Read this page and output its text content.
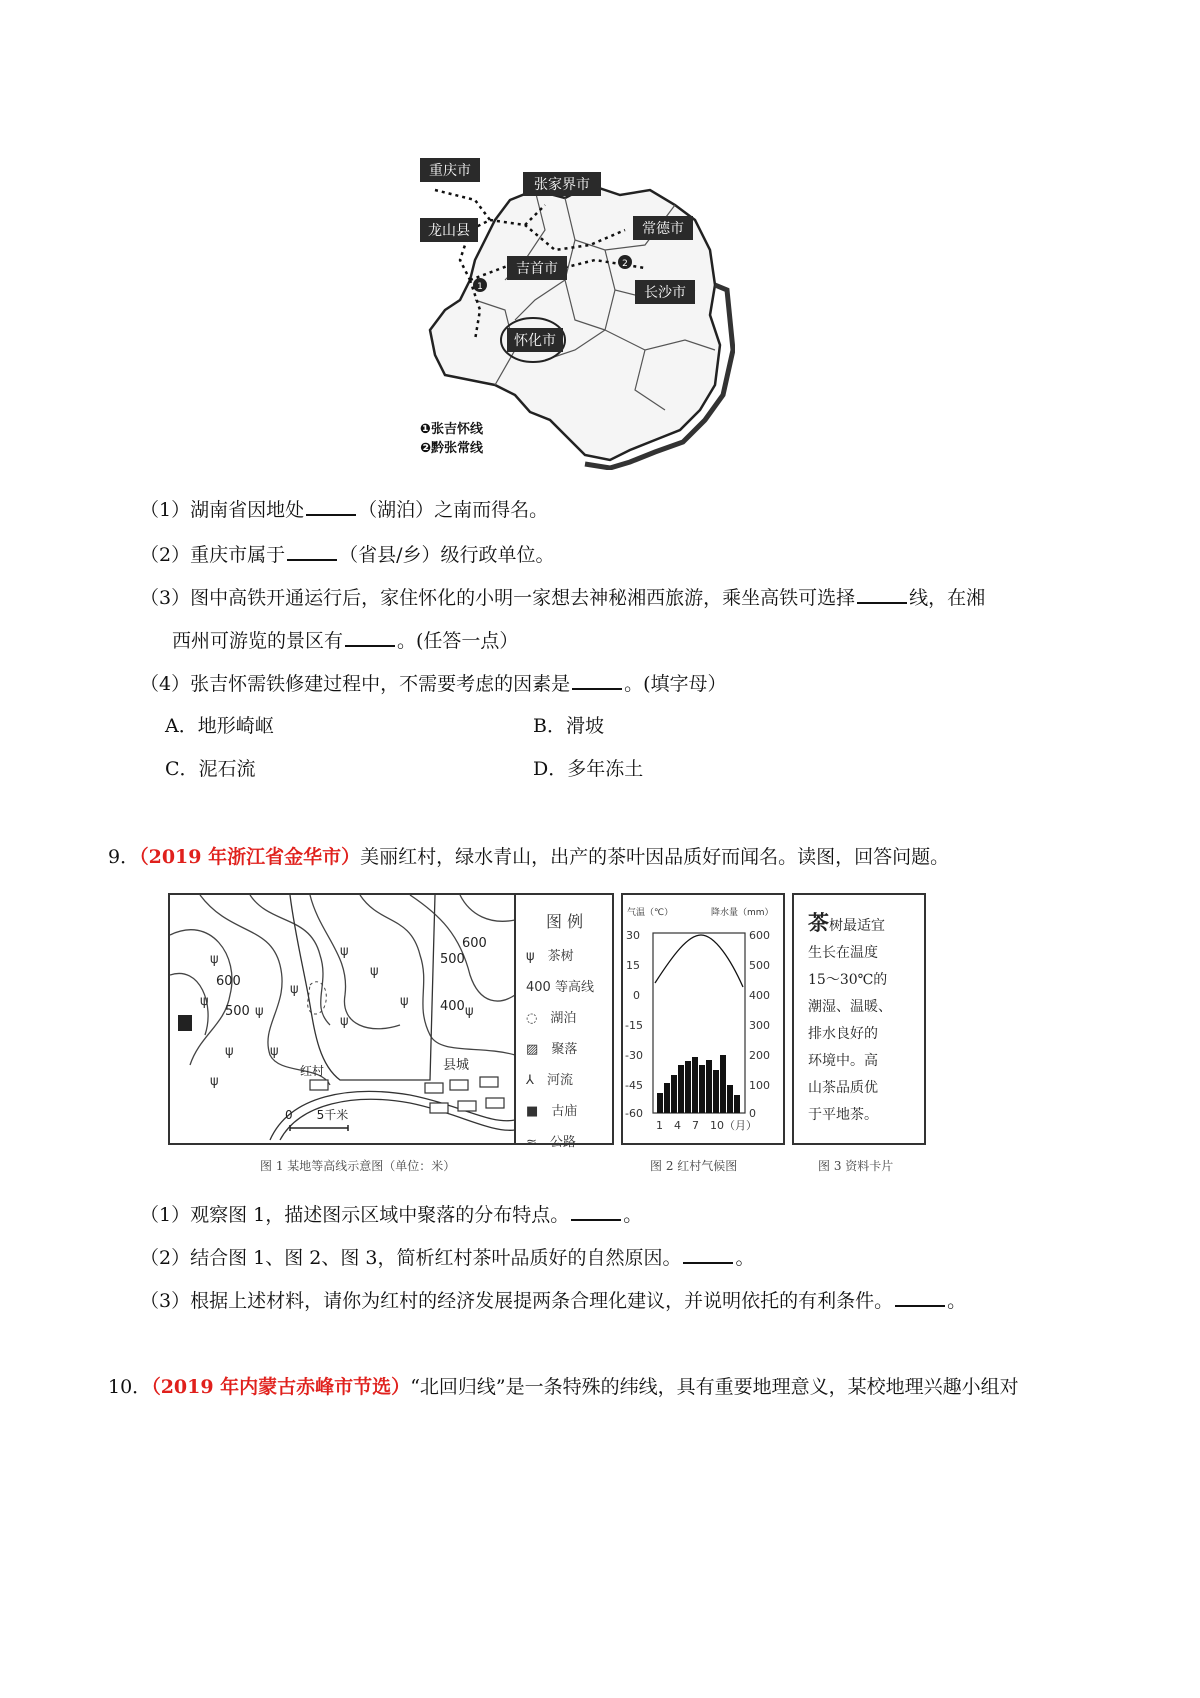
1
2
重庆市
张家界市
龙山县	常德市
吉首市
长沙市
怀化市
❶张吉怀线
❷黔张常线
（1）湖南省因地处	（湖泊）之南而得名。
（2）重庆市属于	（省县/乡）级行政单位。
（3）图中高铁开通运行后，家住怀化的小明一家想去神秘湘西旅游，乘坐高铁可选择	线，在湘
西州可游览的景区有	。(任答一点）
（4）张吉怀需铁修建过程中，不需要考虑的因素是	。(填字母）
A．地形崎岖	B．滑坡
C．泥石流	D．多年冻土
9．（2019 年浙江省金华市）美丽红村，绿水青山，出产的茶叶因品质好而闻名。读图，回答问题。
ψ
ψ
ψ
ψ
ψ
ψ
ψ	ψ
ψ
ψ
ψ
ψ
600
500
600
500	400
红村	县城
0　　5千米
图 例
ψ　 茶树
400 等高线
◌　 湖泊
▨　 聚落
⅄　 河流
■　 古庙
≈　 公路
气温（℃）	降水量（mm）
30
15
0
-15
-30
-45
-60
600
500
400
300
200
100
0
1　4　7　10（月）
茶树最适宜
生长在温度
15～30℃的
潮湿、温暖、
排水良好的
环境中。高
山茶品质优
于平地茶。
图 1 某地等高线示意图（单位：米）	图 2 红村气候图	图 3 资料卡片
（1）观察图 1，描述图示区域中聚落的分布特点。	。
（2）结合图 1、图 2、图 3，简析红村茶叶品质好的自然原因。	。
（3）根据上述材料，请你为红村的经济发展提两条合理化建议，并说明依托的有利条件。	。
10．（2019 年内蒙古赤峰市节选）“北回归线”是一条特殊的纬线，具有重要地理意义，某校地理兴趣小组对
